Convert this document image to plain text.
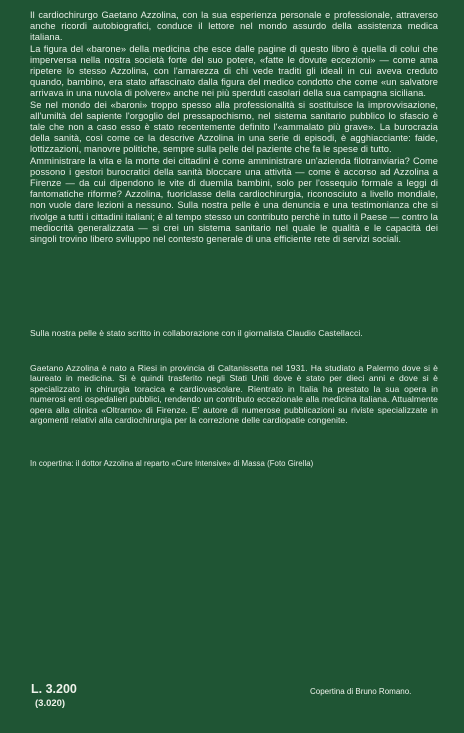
Il cardiochirurgo Gaetano Azzolina, con la sua esperienza personale e professionale, attraverso anche ricordi autobiografici, conduce il lettore nel mondo assurdo della assistenza medica italiana.

La figura del «barone» della medicina che esce dalle pagine di questo libro è quella di colui che imperversa nella nostra società forte del suo potere, «fatte le dovute eccezioni» — come ama ripetere lo stesso Azzolina, con l'amarezza di chi vede traditi gli ideali in cui aveva creduto quando, bambino, era stato affascinato dalla figura del medico condotto che come «un salvatore arrivava in una nuvola di polvere» anche nei più sperduti casolari della sua campagna siciliana.

Se nel mondo dei «baroni» troppo spesso alla professionalità si sostituisce la improvvisazione, all'umiltà del sapiente l'orgoglio del pressapochismo, nel sistema sanitario pubblico lo sfascio è tale che non a caso esso è stato recentemente definito l'«ammalato più grave». La burocrazia della sanità, così come ce la descrive Azzolina in una serie di episodi, è agghiacciante: faide, lottizzazioni, manovre politiche, sempre sulla pelle del paziente che fa le spese di tutto.

Amministrare la vita e la morte dei cittadini è come amministrare un'azienda filotranviaria? Come possono i gestori burocratici della sanità bloccare una attività — come è accorso ad Azzolina a Firenze — da cui dipendono le vite di duemila bambini, solo per l'ossequio formale a leggi di fantomatiche riforme? Azzolina, fuoriclasse della cardiochirurgia, riconosciuto a livello mondiale, non vuole dare lezioni a nessuno. Sulla nostra pelle è una denuncia e una testimonianza che si rivolge a tutti i cittadini italiani; è al tempo stesso un contributo perchè in tutto il Paese — contro la mediocrità generalizzata — si crei un sistema sanitario nel quale le qualità e le capacità dei singoli trovino libero sviluppo nel contesto generale di una efficiente rete di servizi sociali.

Sulla nostra pelle è stato scritto in collaborazione con il giornalista Claudio Castellacci.
Gaetano Azzolina è nato a Riesi in provincia di Caltanissetta nel 1931. Ha studiato a Palermo dove si è laureato in medicina. Si è quindi trasferito negli Stati Uniti dove è stato per dieci anni e dove si è specializzato in chirurgia toracica e cardiovascolare. Rientrato in Italia ha prestato la sua opera in numerosi enti ospedalieri pubblici, rendendo un contributo eccezionale alla medicina italiana. Attualmente opera alla clinica «Oltrarno» di Firenze. E' autore di numerose pubblicazioni su riviste specializzate in argomenti relativi alla cardiochirurgia per la correzione delle cardiopatie congenite.
In copertina: il dottor Azzolina al reparto «Cure Intensive» di Massa (Foto Girella)
L. 3.200
(3.020)
Copertina di Bruno Romano.
